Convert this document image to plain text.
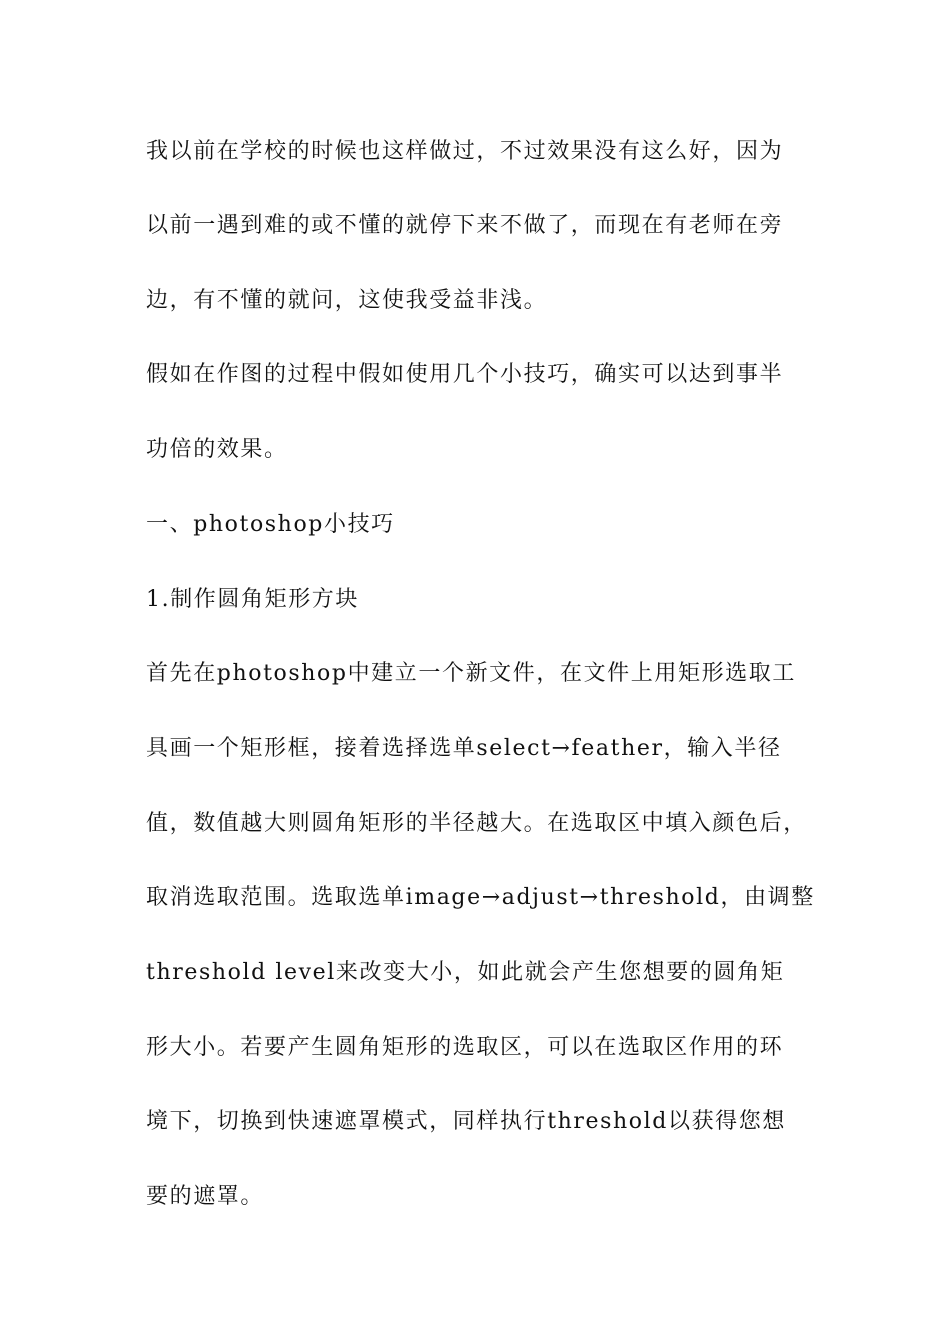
我以前在学校的时候也这样做过，不过效果没有这么好，因为
以前一遇到难的或不懂的就停下来不做了，而现在有老师在旁
边，有不懂的就问，这使我受益非浅。
假如在作图的过程中假如使用几个小技巧，确实可以达到事半
功倍的效果。
一、photoshop小技巧
1.制作圆角矩形方块
首先在photoshop中建立一个新文件，在文件上用矩形选取工
具画一个矩形框，接着选择选单select→feather，输入半径
值，数值越大则圆角矩形的半径越大。在选取区中填入颜色后，
取消选取范围。选取选单image→adjust→threshold，由调整
threshold level来改变大小，如此就会产生您想要的圆角矩
形大小。若要产生圆角矩形的选取区，可以在选取区作用的环
境下，切换到快速遮罩模式，同样执行threshold以获得您想
要的遮罩。
